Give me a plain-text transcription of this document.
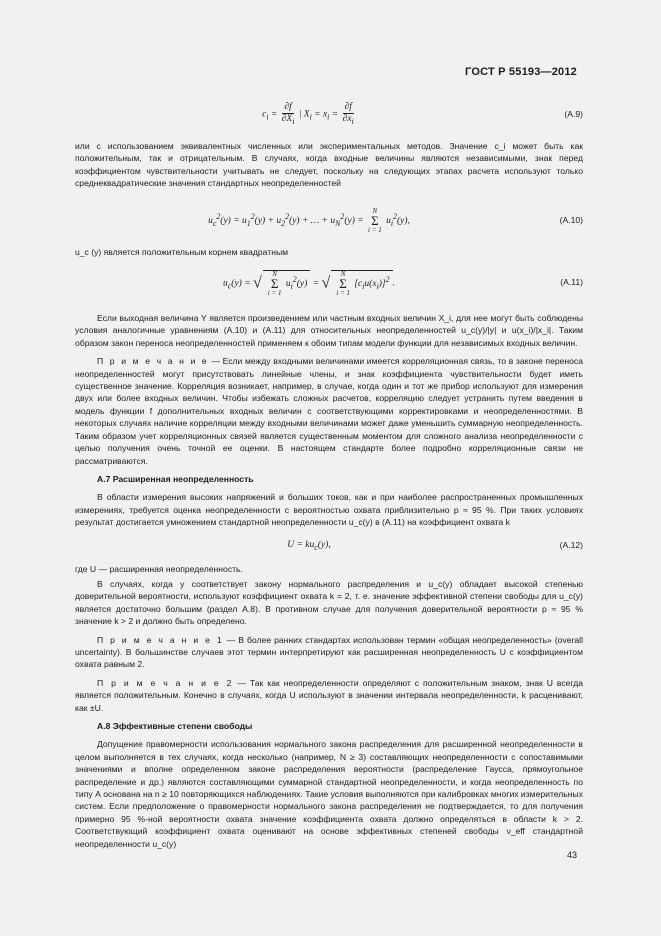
ГОСТ Р 55193—2012
$c_i = \frac{\partial f}{\partial X_i}$ | $X_i = x_i = \frac{\partial f}{\partial x_i}$	(А.9)

или с использованием эквивалентных численных или экспериментальных методов. Значение c_i может быть как положительным, так и отрицательным. В случаях, когда входные величины являются независимыми, знак перед коэффициентом чувствительности учитывать не следует, поскольку на следующих этапах расчета используют только среднеквадратические значения стандартных неопределенностей

$u_c^2(y) = u_1^2(y) + u_2^2(y)$ + … + $u_N^2(y) = N$
Σ
i = 1 $u_i^2(y)$,	(А.10)

u_c (y) является положительным корнем квадратным

$u_c(y) = √N$
Σ
i = 1 $u_i^2(y) = √N$
Σ
i = 1 $[c_iu(x_i)]^2$ .	(А.11)

Если выходная величина Y является произведением или частным входных величин X_i, для нее могут быть соблюдены условия аналогичные уравнениям (А.10) и (А.11) для относительных неопределенностей u_c(y)/|y| и u(x_i)/|x_i|. Таким образом закон переноса неопределенностей применяем к обоим типам модели функции для независимых входных величин.

П р и м е ч а н и е — Если между входными величинами имеется корреляционная связь, то в законе переноса неопределенностей могут присутствовать линейные члены, и знак коэффициента чувствительности будет иметь существенное значение. Корреляция возникает, например, в случае, когда один и тот же прибор используют для измерения двух или более входных величин. Чтобы избежать сложных расчетов, корреляцию следует устранить путем введения в модель функции f дополнительных входных величин с соответствующими корректировками и неопределенностями. В некоторых случаях наличие корреляции между входными величинами может даже уменьшить суммарную неопределенность. Таким образом учет корреляционных связей является существенным моментом для сложного анализа неопределенности с целью получения очень точной ее оценки. В настоящем стандарте более подробно корреляционные связи не рассматриваются.

А.7 Расширенная неопределенность

В области измерения высоких напряжений и больших токов, как и при наиболее распространенных промышленных измерениях, требуется оценка неопределенности с вероятностью охвата приблизительно p ≈ 95 %. При таких условиях результат достигается умножением стандартной неопределенности u_c(y) в (А.11) на коэффициент охвата k

$U = ku_c(y)$,	(А.12)

где U — расширенная неопределенность.

В случаях, когда y соответствует закону нормального распределения и u_c(y) обладает высокой степенью доверительной вероятности, используют коэффициент охвата k = 2, т. е. значение эффективной степени свободы для u_c(y) является достаточно большим (раздел А.8). В противном случае для получения доверительной вероятности p ≈ 95 % значение k > 2 и должно быть определено.

П р и м е ч а н и е 1 — В более ранних стандартах использован термин «общая неопределенность» (overall uncertainty). В большинстве случаев этот термин интерпретируют как расширенная неопределенность U с коэффициентом охвата равным 2.

П р и м е ч а н и е 2 — Так как неопределенности определяют с положительным знаком, знак U всегда является положительным. Конечно в случаях, когда U используют в значении интервала неопределенности, k расценивают, как ±U.

А.8 Эффективные степени свободы

Допущение правомерности использования нормального закона распределения для расширенной неопределенности в целом выполняется в тех случаях, когда несколько (например, N ≥ 3) составляющих неопределенности с сопоставимыми значениями и вполне определенном законе распределения вероятности (распределение Гаусса, прямоугольное распределение и др.) являются составляющими суммарной стандартной неопределенности, и когда неопределенность по типу А основана на n ≥ 10 повторяющихся наблюдениях. Такие условия выполняются при калибровках многих измерительных систем. Если предположение о правомерности нормального закона распределения не подтверждается, то для получения примерно 95 %-ной вероятности охвата значение коэффициента охвата должно определяться в области k > 2. Соответствующий коэффициент охвата оценивают на основе эффективных степеней свободы ν_eff стандартной неопределенности u_c(y)

43
